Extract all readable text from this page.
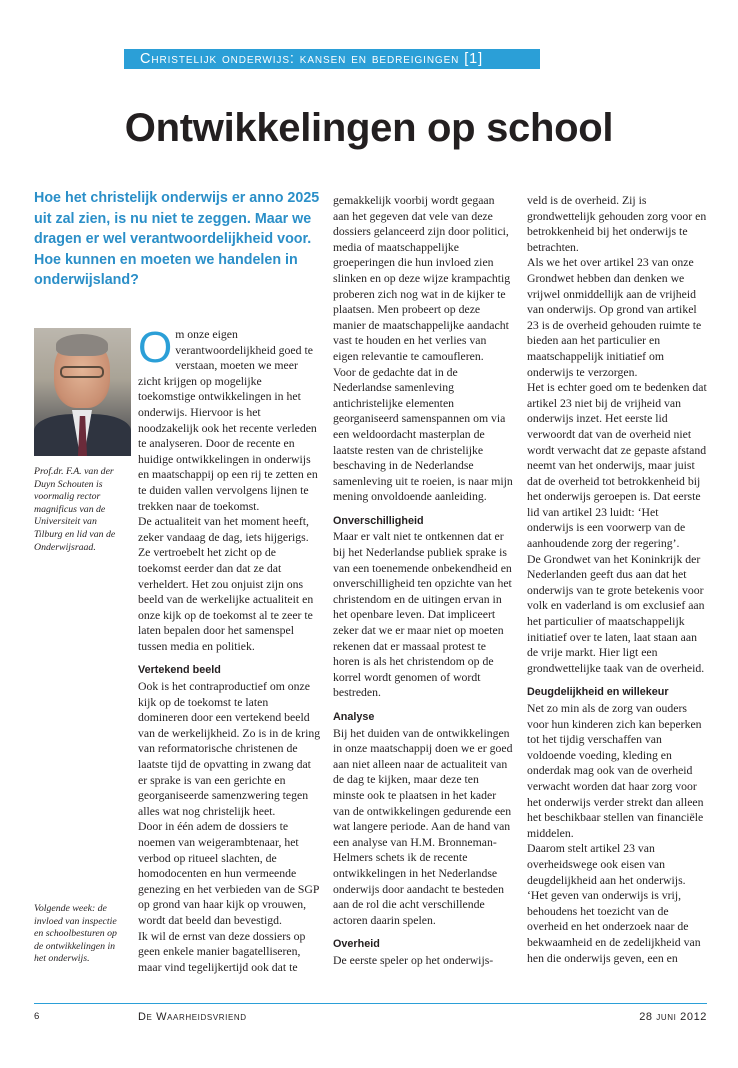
Christelijk onderwijs: kansen en bedreigingen [1]
Ontwikkelingen op school

Hoe het christelijk onderwijs er anno 2025 uit zal zien, is nu niet te zeggen. Maar we dragen er wel verantwoordelijkheid voor. Hoe kunnen en moeten we handelen in onderwijsland?

Prof.dr. F.A. van der Duyn Schouten is voormalig rector magnificus van de Universiteit van Tilburg en lid van de Onderwijsraad.

Volgende week: de invloed van inspectie en schoolbesturen op de ontwikkelingen in het onderwijs.

Om onze eigen verantwoordelijkheid goed te verstaan, moeten we meer zicht krijgen op mogelijke toekomstige ontwikkelingen in het onderwijs. Hiervoor is het noodzakelijk ook het recente verleden te analyseren. Door de recente en huidige ontwikkelingen in onderwijs en maatschappij op een rij te zetten en te duiden vallen vervolgens lijnen te trekken naar de toekomst.

De actualiteit van het moment heeft, zeker vandaag de dag, iets hijgerigs. Ze vertroebelt het zicht op de toekomst eerder dan dat ze dat verheldert. Het zou onjuist zijn ons beeld van de werkelijke actualiteit en onze kijk op de toekomst al te zeer te laten bepalen door het samenspel tussen media en politiek.

Vertekend beeld

Ook is het contraproductief om onze kijk op de toekomst te laten domineren door een vertekend beeld van de werkelijkheid. Zo is in de kring van reformatorische christenen de laatste tijd de opvatting in zwang dat er sprake is van een gerichte en georganiseerde samenzwering tegen alles wat nog christelijk heet.

Door in één adem de dossiers te noemen van weigerambtenaar, het verbod op ritueel slachten, de homodocenten en hun vermeende genezing en het verbieden van de SGP op grond van haar kijk op vrouwen, wordt dat beeld dan bevestigd.

Ik wil de ernst van deze dossiers op geen enkele manier bagatelliseren, maar vind tegelijkertijd ook dat te

gemakkelijk voorbij wordt gegaan aan het gegeven dat vele van deze dossiers gelanceerd zijn door politici, media of maatschappelijke groeperingen die hun invloed zien slinken en op deze wijze krampachtig proberen zich nog wat in de kijker te plaatsen. Men probeert op deze manier de maatschappelijke aandacht vast te houden en het verlies van eigen relevantie te camoufleren.

Voor de gedachte dat in de Nederlandse samenleving antichristelijke elementen georganiseerd samenspannen om via een weldoordacht masterplan de laatste resten van de christelijke beschaving in de Nederlandse samenleving uit te roeien, is naar mijn mening onvoldoende aanleiding.

Onverschilligheid

Maar er valt niet te ontkennen dat er bij het Nederlandse publiek sprake is van een toenemende onbekendheid en onverschilligheid ten opzichte van het christendom en de uitingen ervan in het openbare leven. Dat impliceert zeker dat we er maar niet op moeten rekenen dat er massaal protest te horen is als het christendom op de korrel wordt genomen of wordt bestreden.

Analyse

Bij het duiden van de ontwikkelingen in onze maatschappij doen we er goed aan niet alleen naar de actualiteit van de dag te kijken, maar deze ten minste ook te plaatsen in het kader van de ontwikkelingen gedurende een wat langere periode. Aan de hand van een analyse van H.M. Bronneman-Helmers schets ik de recente ontwikkelingen in het Nederlandse onderwijs door aandacht te besteden aan de rol die acht verschillende actoren daarin spelen.

Overheid

De eerste speler op het onderwijs-

veld is de overheid. Zij is grondwettelijk gehouden zorg voor en betrokkenheid bij het onderwijs te betrachten.

Als we het over artikel 23 van onze Grondwet hebben dan denken we vrijwel onmiddellijk aan de vrijheid van onderwijs. Op grond van artikel 23 is de overheid gehouden ruimte te bieden aan het particulier en maatschappelijk initiatief om onderwijs te verzorgen.

Het is echter goed om te bedenken dat artikel 23 niet bij de vrijheid van onderwijs inzet. Het eerste lid verwoordt dat van de overheid niet wordt verwacht dat ze gepaste afstand neemt van het onderwijs, maar juist dat de overheid tot betrokkenheid bij het onderwijs geroepen is. Dat eerste lid van artikel 23 luidt: ‘Het onderwijs is een voorwerp van de aanhoudende zorg der regering’.

De Grondwet van het Koninkrijk der Nederlanden geeft dus aan dat het onderwijs van te grote betekenis voor volk en vaderland is om exclusief aan het particulier of maatschappelijk initiatief over te laten, laat staan aan de vrije markt. Hier ligt een grondwettelijke taak van de overheid.

Deugdelijkheid en willekeur

Net zo min als de zorg van ouders voor hun kinderen zich kan beperken tot het tijdig verschaffen van voldoende voeding, kleding en onderdak mag ook van de overheid verwacht worden dat haar zorg voor het onderwijs verder strekt dan alleen het beschikbaar stellen van financiële middelen.

Daarom stelt artikel 23 van overheidswege ook eisen van deugdelijkheid aan het onderwijs. ‘Het geven van onderwijs is vrij, behoudens het toezicht van de overheid en het onderzoek naar de bekwaamheid en de zedelijkheid van hen die onderwijs geven, een en

6	De Waarheidsvriend	28 juni 2012
